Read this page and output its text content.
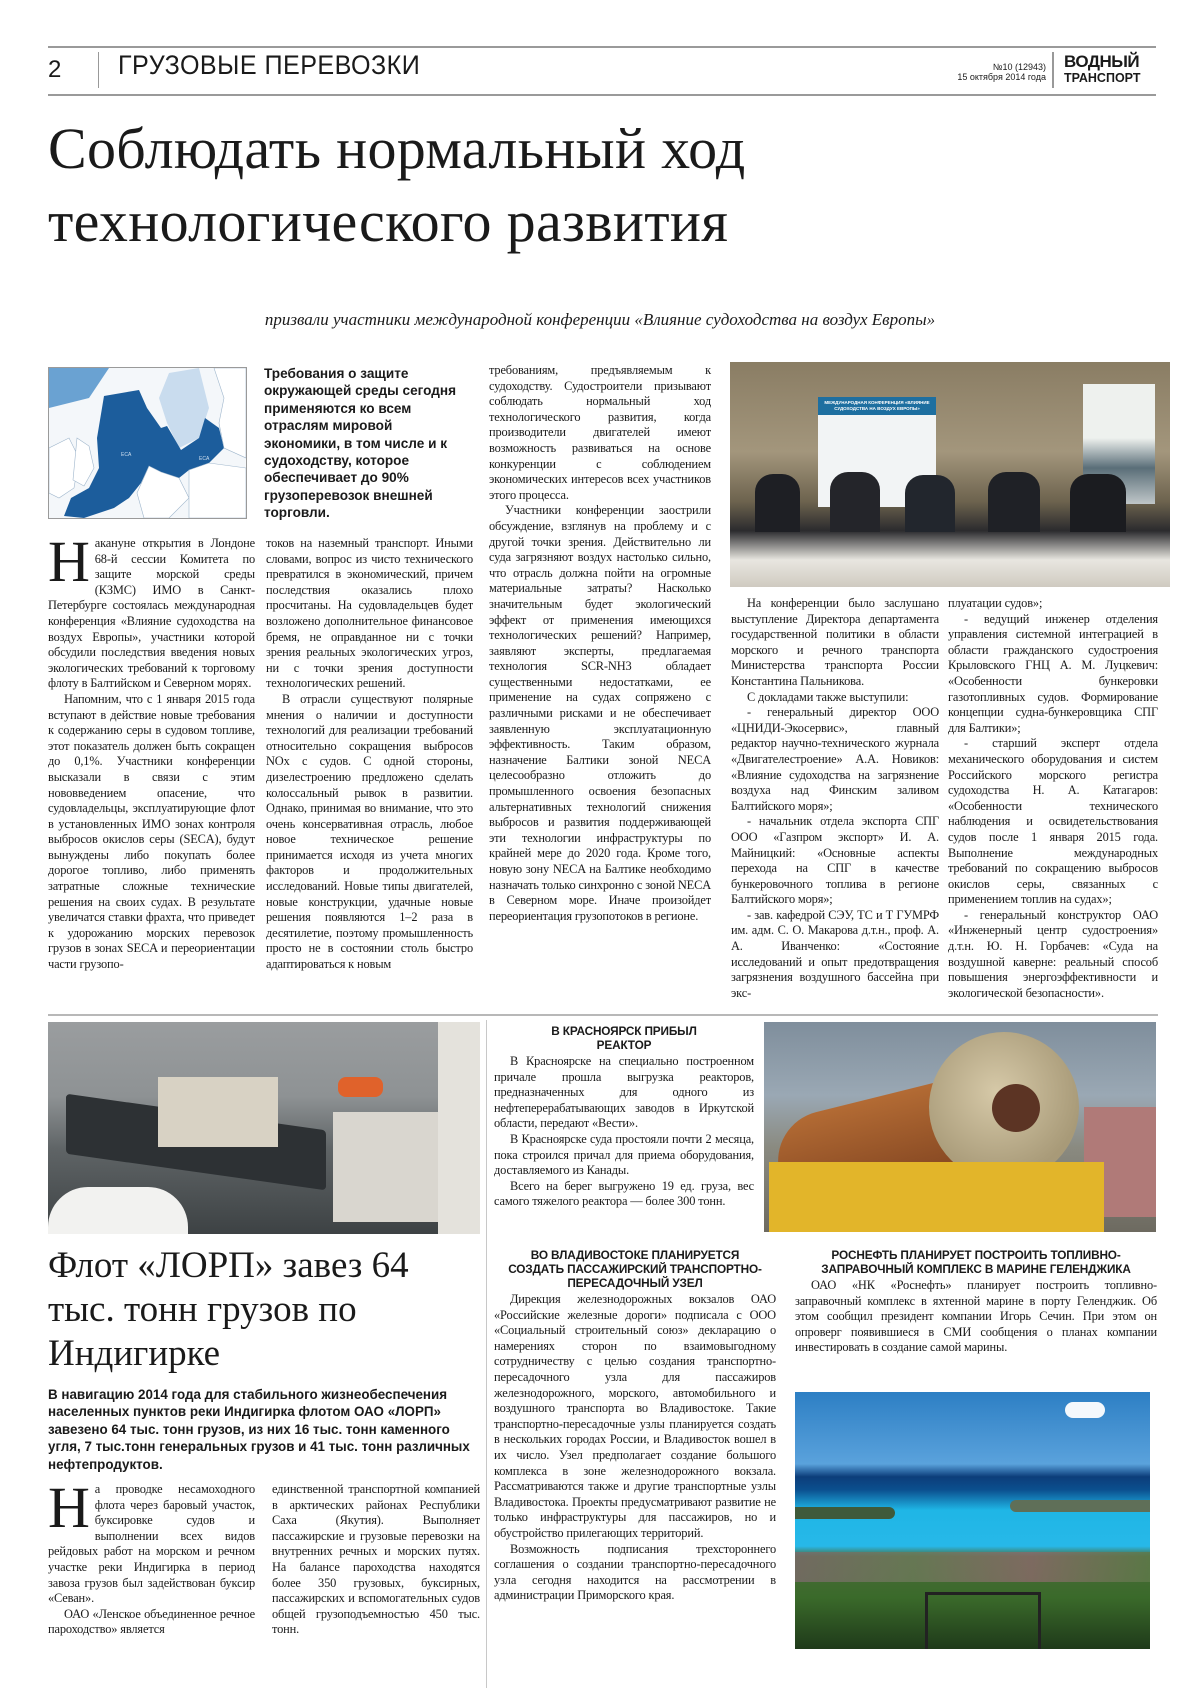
2 ГРУЗОВЫЕ ПЕРЕВОЗКИ	№10 (12943)
15 октября 2014 года
ВОДНЫЙ
ТРАНСПОРТ
Соблюдать нормальный ход
технологического развития
призвали участники международной конференции «Влияние судоходства на воздух Европы»
ECA
ECA
Требования о защите окружающей среды сегодня применяются ко всем отраслям мировой экономики, в том числе и к судоходству, которое обеспечивает до 90% грузоперевозок внешней торговли.

Накануне открытия в Лондоне 68-й сессии Комитета по защите морской среды (КЗМС) ИМО в Санкт-Петербурге состоялась международная конференция «Влияние судоходства на воздух Европы», участники которой обсудили последствия введения новых экологических требований к торговому флоту в Балтийском и Северном морях.

Напомним, что с 1 января 2015 года вступают в действие новые требования к содержанию серы в судовом топливе, этот показатель должен быть сокращен до 0,1%. Участники конференции высказали в связи с этим нововведением опасение, что судовладельцы, эксплуатирующие флот в установленных ИМО зонах контроля выбросов окислов серы (SECA), будут вынуждены либо покупать более дорогое топливо, либо применять затратные сложные технические решения на своих судах. В результате увеличатся ставки фрахта, что приведет к удорожанию морских перевозок грузов в зонах SECA и переориентации части грузопо-

токов на наземный транспорт. Иными словами, вопрос из чисто технического превратился в экономический, причем последствия оказались плохо просчитаны. На судовладельцев будет возложено дополнительное финансовое бремя, не оправданное ни с точки зрения реальных экологических угроз, ни с точки зрения доступности технологических решений.

В отрасли существуют полярные мнения о наличии и доступности технологий для реализации требований относительно сокращения выбросов NOx с судов. С одной стороны, дизелестроению предложено сделать колоссальный рывок в развитии. Однако, принимая во внимание, что это очень консервативная отрасль, любое новое техническое решение принимается исходя из учета многих факторов и продолжительных исследований. Новые типы двигателей, новые конструкции, удачные новые решения появляются 1–2 раза в десятилетие, поэтому промышленность просто не в состоянии столь быстро адаптироваться к новым

требованиям, предъявляемым к судоходству. Судостроители призывают соблюдать нормальный ход технологического развития, когда производители двигателей имеют возможность развиваться на основе конкуренции с соблюдением экономических интересов всех участников этого процесса.

Участники конференции заострили обсуждение, взглянув на проблему и с другой точки зрения. Действительно ли суда загрязняют воздух настолько сильно, что отрасль должна пойти на огромные материальные затраты? Насколько значительным будет экологический эффект от применения имеющихся технологических решений? Например, заявляют эксперты, предлагаемая технология SCR-NH3 обладает существенными недостатками, ее применение на судах сопряжено с различными рисками и не обеспечивает заявленную эксплуатационную эффективность. Таким образом, назначение Балтики зоной NECA целесообразно отложить до промышленного освоения безопасных альтернативных технологий снижения выбросов и развития поддерживающей эти технологии инфраструктуры по крайней мере до 2020 года. Кроме того, новую зону NECA на Балтике необходимо назначать только синхронно с зоной NECA в Северном море. Иначе произойдет переориентация грузопотоков в регионе.

МЕЖДУНАРОДНАЯ КОНФЕРЕНЦИЯ «ВЛИЯНИЕ СУДОХОДСТВА НА ВОЗДУХ ЕВРОПЫ»

На конференции было заслушано выступление Директора департамента государственной политики в области морского и речного транспорта Министерства транспорта России Константина Пальникова.

С докладами также выступили:

- генеральный директор ООО «ЦНИДИ-Экосервис», главный редактор научно-технического журнала «Двигателестроение» А.А. Новиков: «Влияние судоходства на загрязнение воздуха над Финским заливом Балтийского моря»;

- начальник отдела экспорта СПГ ООО «Газпром экспорт» И. А. Майницкий: «Основные аспекты перехода на СПГ в качестве бункеровочного топлива в регионе Балтийского моря»;

- зав. кафедрой СЭУ, ТС и Т ГУМРФ им. адм. С. О. Макарова д.т.н., проф. А. А. Иванченко: «Состояние исследований и опыт предотвращения загрязнения воздушного бассейна при экс-

плуатации судов»;

- ведущий инженер отделения управления системной интеграцией в области гражданского судостроения Крыловского ГНЦ А. М. Луцкевич: «Особенности бункеровки газотопливных судов. Формирование концепции судна-бункеровщика СПГ для Балтики»;

- старший эксперт отдела механического оборудования и систем Российского морского регистра судоходства Н. А. Катагаров: «Особенности технического наблюдения и освидетельствования судов после 1 января 2015 года. Выполнение международных требований по сокращению выбросов окислов серы, связанных с применением топлив на судах»;

- генеральный конструктор ОАО «Инженерный центр судостроения» д.т.н. Ю. Н. Горбачев: «Суда на воздушной каверне: реальный способ повышения энергоэффективности и экологической безопасности».

Флот «ЛОРП» завез 64 тыс. тонн грузов по Индигирке
В навигацию 2014 года для стабильного жизнеобеспечения населенных пунктов реки Индигирка флотом ОАО «ЛОРП» завезено 64 тыс. тонн грузов, из них 16 тыс. тонн каменного угля, 7 тыс.тонн генеральных грузов и 41 тыс. тонн различных нефтепродуктов.

На проводке несамоходного флота через баровый участок, буксировке судов и выполнении всех видов рейдовых работ на морском и речном участке реки Индигирка в период завоза грузов был задействован буксир «Севан».

ОАО «Ленское объединенное речное пароходство» является

единственной транспортной компанией в арктических районах Республики Саха (Якутия). Выполняет пассажирские и грузовые перевозки на внутренних речных и морских путях. На балансе пароходства находятся более 350 грузовых, буксирных, пассажирских и вспомогательных судов общей грузоподъемностью 450 тыс. тонн.

В КРАСНОЯРСК ПРИБЫЛ РЕАКТОР

В Красноярске на специально построенном причале прошла выгрузка реакторов, предназначенных для одного из нефтеперерабатывающих заводов в Иркутской области, передают «Вести».

В Красноярске суда простояли почти 2 месяца, пока строился причал для приема оборудования, доставляемого из Канады.

Всего на берег выгружено 19 ед. груза, вес самого тяжелого реактора — более 300 тонн.

ВО ВЛАДИВОСТОКЕ ПЛАНИРУЕТСЯ СОЗДАТЬ ПАССАЖИРСКИЙ ТРАНСПОРТНО-ПЕРЕСАДОЧНЫЙ УЗЕЛ

Дирекция железнодорожных вокзалов ОАО «Российские железные дороги» подписала с ООО «Социальный строительный союз» декларацию о намерениях сторон по взаимовыгодному сотрудничеству с целью создания транспортно-пересадочного узла для пассажиров железнодорожного, морского, автомобильного и воздушного транспорта во Владивостоке. Такие транспортно-пересадочные узлы планируется создать в нескольких городах России, и Владивосток вошел в их число. Узел предполагает создание большого комплекса в зоне железнодорожного вокзала. Рассматриваются также и другие транспортные узлы Владивостока. Проекты предусматривают развитие не только инфраструктуры для пассажиров, но и обустройство прилегающих территорий.

Возможность подписания трехстороннего соглашения о создании транспортно-пересадочного узла сегодня находится на рассмотрении в администрации Приморского края.

РОСНЕФТЬ ПЛАНИРУЕТ ПОСТРОИТЬ ТОПЛИВНО-ЗАПРАВОЧНЫЙ КОМПЛЕКС В МАРИНЕ ГЕЛЕНДЖИКА

ОАО «НК «Роснефть» планирует построить топливно-заправочный комплекс в яхтенной марине в порту Геленджик. Об этом сообщил президент компании Игорь Сечин. При этом он опроверг появившиеся в СМИ сообщения о планах компании инвестировать в создание самой марины.
